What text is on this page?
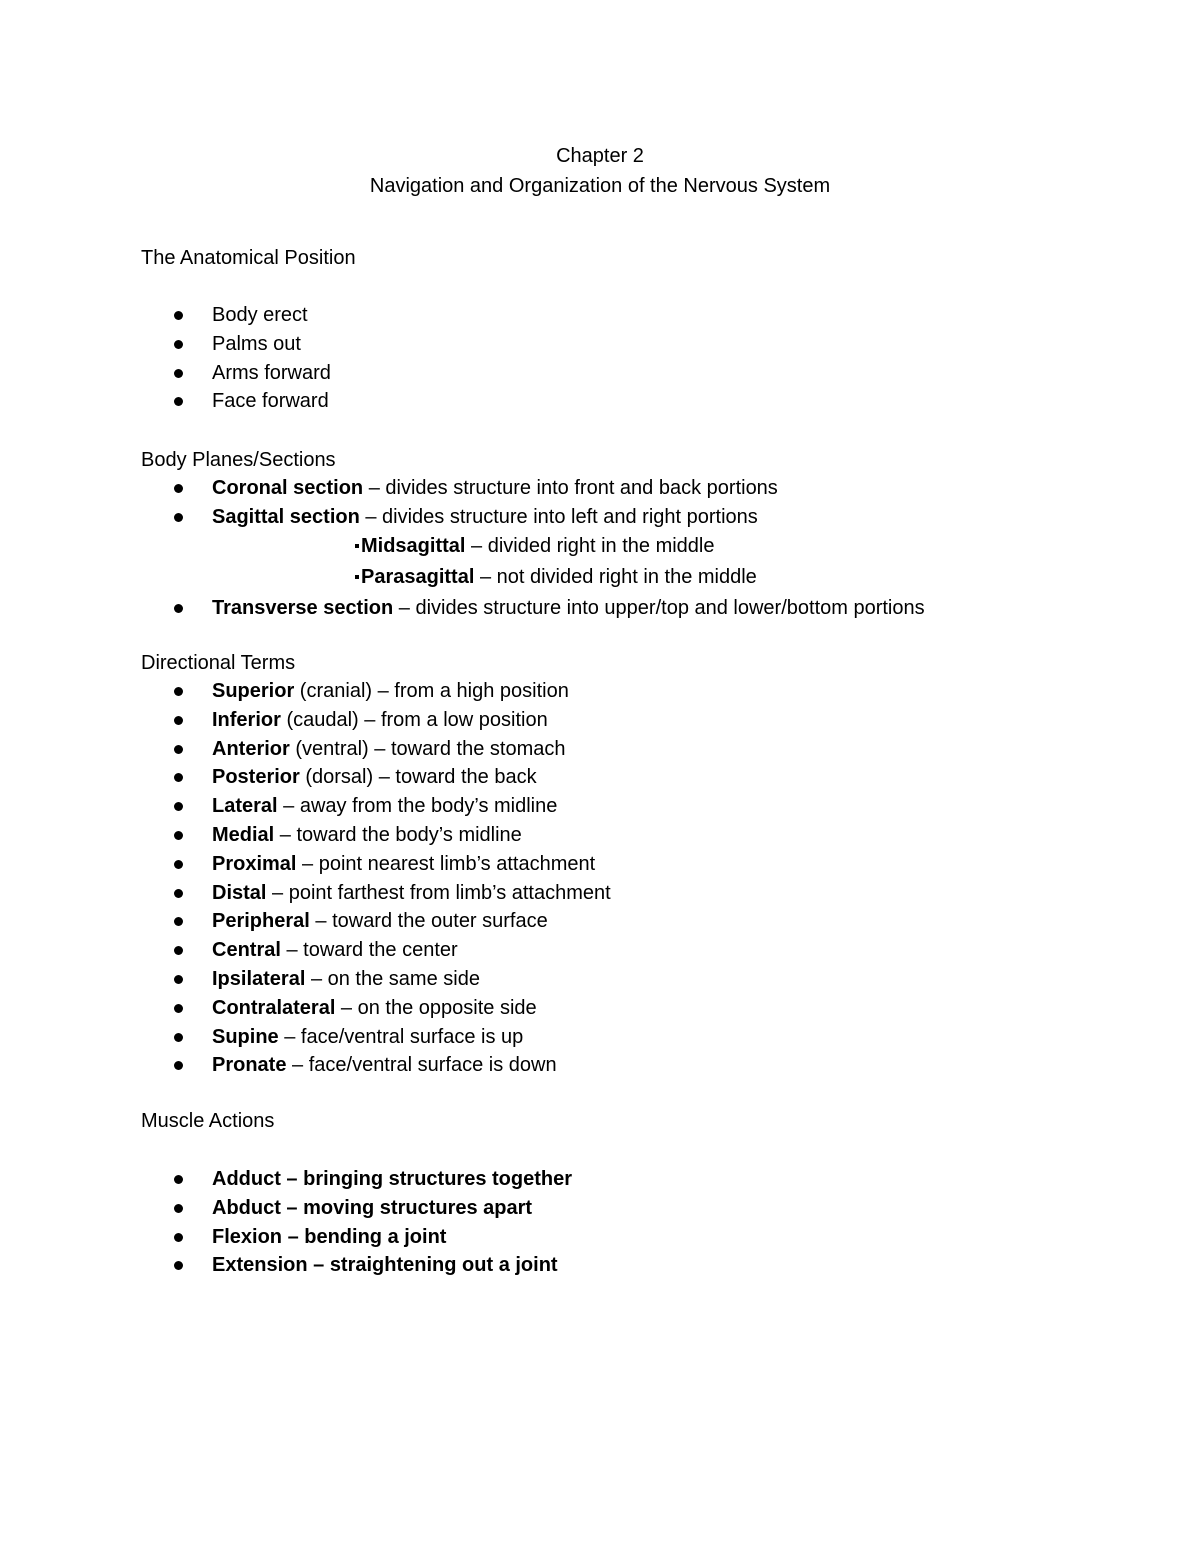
Chapter 2
Navigation and Organization of the Nervous System
The Anatomical Position
Body erect
Palms out
Arms forward
Face forward
Body Planes/Sections
Coronal section – divides structure into front and back portions
Sagittal section – divides structure into left and right portions
Midsagittal – divided right in the middle
Parasagittal – not divided right in the middle
Transverse section – divides structure into upper/top and lower/bottom portions
Directional Terms
Superior (cranial) – from a high position
Inferior (caudal) – from a low position
Anterior (ventral) – toward the stomach
Posterior (dorsal) – toward the back
Lateral – away from the body’s midline
Medial – toward the body’s midline
Proximal – point nearest limb’s attachment
Distal – point farthest from limb’s attachment
Peripheral – toward the outer surface
Central – toward the center
Ipsilateral – on the same side
Contralateral – on the opposite side
Supine – face/ventral surface is up
Pronate – face/ventral surface is down
Muscle Actions
Adduct – bringing structures together
Abduct – moving structures apart
Flexion – bending a joint
Extension – straightening out a joint
